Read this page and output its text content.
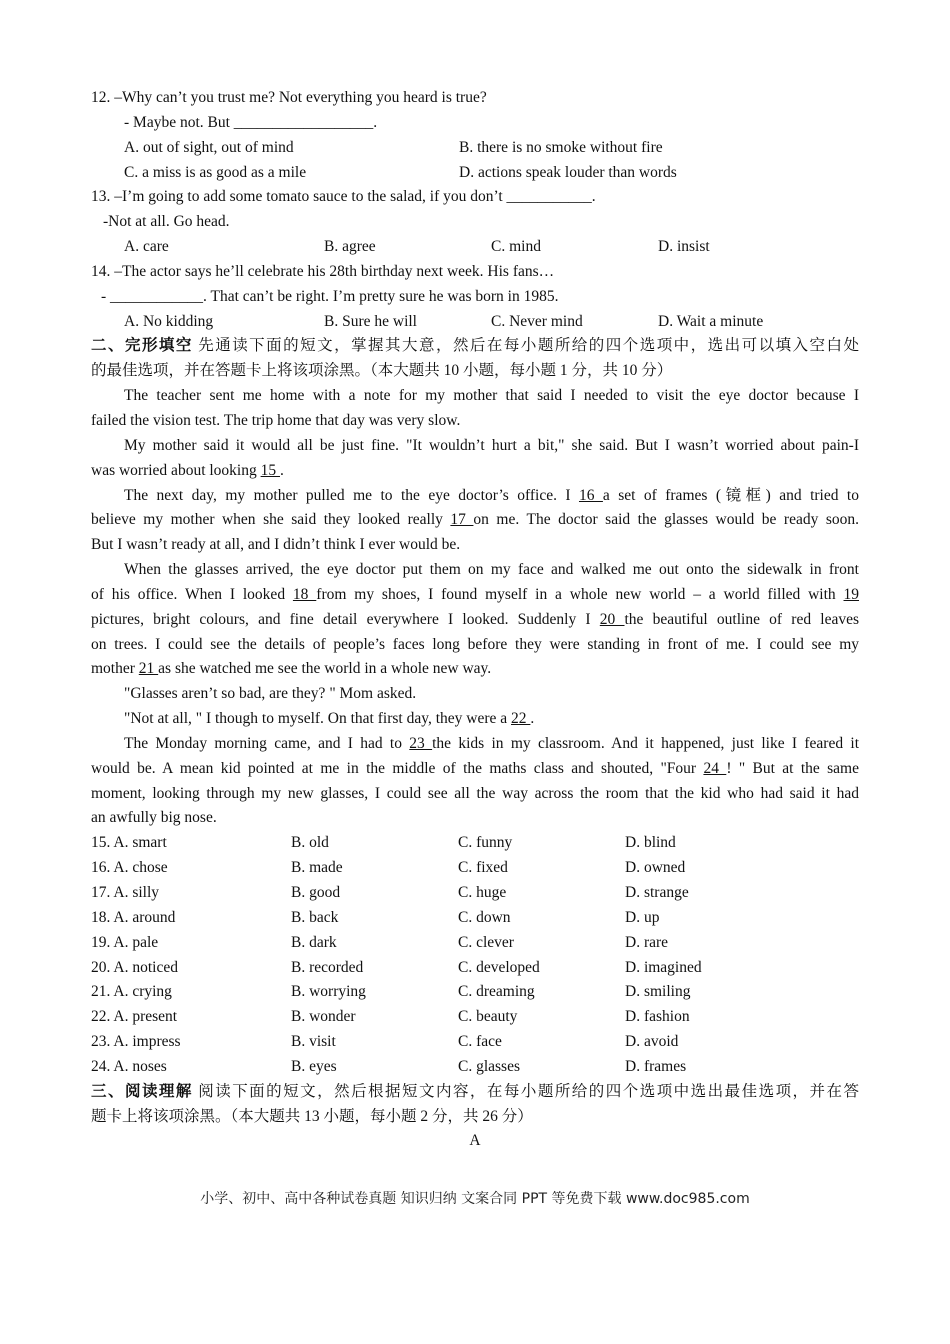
12. –Why can’t you trust me? Not everything you heard is true?
- Maybe not. But __________________.
A. out of sight, out of mind	B. there is no smoke without fire
C. a miss is as good as a mile	D. actions speak louder than words
13. –I’m going to add some tomato sauce to the salad, if you don’t ___________.
-Not at all. Go head.
A. care	B. agree	C. mind	D. insist
14. –The actor says he’ll celebrate his 28th birthday next week. His fans…
- ____________. That can’t be right. I’m pretty sure he was born in 1985.
A. No kidding	B. Sure he will	C. Never mind	D. Wait a minute
二、完形填空 先通读下面的短文，掌握其大意，然后在每小题所给的四个选项中，选出可以填入空白处
的最佳选项，并在答题卡上将该项涂黑。（本大题共 10 小题，每小题 1 分，共 10 分）
The teacher sent me home with a note for my mother that said I needed to visit the eye doctor because I
failed the vision test. The trip home that day was very slow.
My mother said it would all be just fine. "It wouldn’t hurt a bit," she said. But I wasn’t worried about pain-I
was worried about looking 15 .
The next day, my mother pulled me to the eye doctor’s office. I 16 a set of frames (镜框) and tried to
believe my mother when she said they looked really 17 on me. The doctor said the glasses would be ready soon.
But I wasn’t ready at all, and I didn’t think I ever would be.
When the glasses arrived, the eye doctor put them on my face and walked me out onto the sidewalk in front
of his office. When I looked 18 from my shoes, I found myself in a whole new world – a world filled with 19
pictures, bright colours, and fine detail everywhere I looked. Suddenly I 20 the beautiful outline of red leaves
on trees. I could see the details of people’s faces long before they were standing in front of me. I could see my
mother 21 as she watched me see the world in a whole new way.
"Glasses aren’t so bad, are they? " Mom asked.
"Not at all, " I though to myself. On that first day, they were a 22 .
The Monday morning came, and I had to 23 the kids in my classroom. And it happened, just like I feared it
would be. A mean kid pointed at me in the middle of the maths class and shouted, "Four 24 ! " But at the same
moment, looking through my new glasses, I could see all the way across the room that the kid who had said it had
an awfully big nose.
15. A. smart	B. old	C. funny	D. blind
16. A. chose	B. made	C. fixed	D. owned
17. A. silly	B. good	C. huge	D. strange
18. A. around	B. back	C. down	D. up
19. A. pale	B. dark	C. clever	D. rare
20. A. noticed	B. recorded	C. developed	D. imagined
21. A. crying	B. worrying	C. dreaming	D. smiling
22. A. present	B. wonder	C. beauty	D. fashion
23. A. impress	B. visit	C. face	D. avoid
24. A. noses	B. eyes	C. glasses	D. frames
三、阅读理解 阅读下面的短文，然后根据短文内容，在每小题所给的四个选项中选出最佳选项，并在答
题卡上将该项涂黑。（本大题共 13 小题，每小题 2 分，共 26 分）
A
小学、初中、高中各种试卷真题 知识归纳 文案合同 PPT 等免费下载 www.doc985.com
